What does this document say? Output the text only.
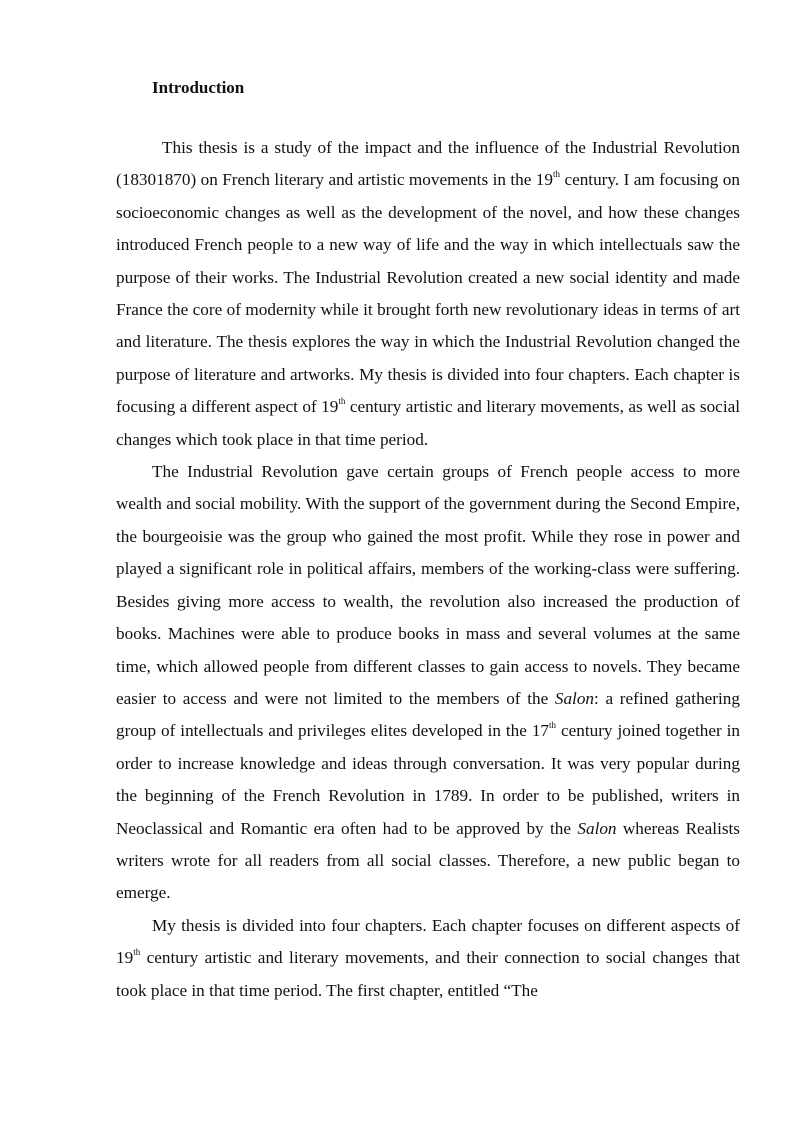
Introduction

This thesis is a study of the impact and the influence of the Industrial Revolution (18301870) on French literary and artistic movements in the 19th century. I am focusing on socioeconomic changes as well as the development of the novel, and how these changes introduced French people to a new way of life and the way in which intellectuals saw the purpose of their works. The Industrial Revolution created a new social identity and made France the core of modernity while it brought forth new revolutionary ideas in terms of art and literature. The thesis explores the way in which the Industrial Revolution changed the purpose of literature and artworks. My thesis is divided into four chapters. Each chapter is focusing a different aspect of 19th century artistic and literary movements, as well as social changes which took place in that time period.

The Industrial Revolution gave certain groups of French people access to more wealth and social mobility. With the support of the government during the Second Empire, the bourgeoisie was the group who gained the most profit. While they rose in power and played a significant role in political affairs, members of the working-class were suffering. Besides giving more access to wealth, the revolution also increased the production of books. Machines were able to produce books in mass and several volumes at the same time, which allowed people from different classes to gain access to novels. They became easier to access and were not limited to the members of the Salon: a refined gathering group of intellectuals and privileges elites developed in the 17th century joined together in order to increase knowledge and ideas through conversation. It was very popular during the beginning of the French Revolution in 1789. In order to be published, writers in Neoclassical and Romantic era often had to be approved by the Salon whereas Realists writers wrote for all readers from all social classes. Therefore, a new public began to emerge.

My thesis is divided into four chapters. Each chapter focuses on different aspects of 19th century artistic and literary movements, and their connection to social changes that took place in that time period. The first chapter, entitled “The
